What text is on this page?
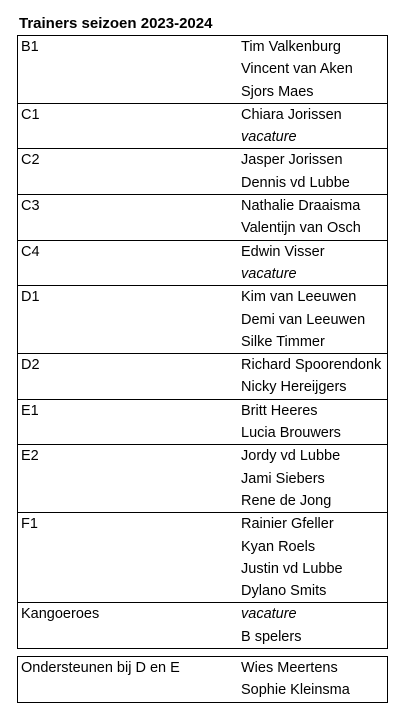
Trainers seizoen 2023-2024
B1	Tim Valkenburg
Vincent van Aken
Sjors Maes

C1	Chiara Jorissen
vacature

C2	Jasper Jorissen
Dennis vd Lubbe

C3	Nathalie Draaisma
Valentijn van Osch

C4	Edwin Visser
vacature

D1	Kim van Leeuwen
Demi van Leeuwen
Silke Timmer

D2	Richard Spoorendonk
Nicky Hereijgers

E1	Britt Heeres
Lucia Brouwers

E2	Jordy vd Lubbe
Jami Siebers
Rene de Jong

F1	Rainier Gfeller
Kyan Roels
Justin vd Lubbe
Dylano Smits

Kangoeroes	vacature
B spelers
Ondersteunen bij D en E	Wies Meertens
Sophie Kleinsma
